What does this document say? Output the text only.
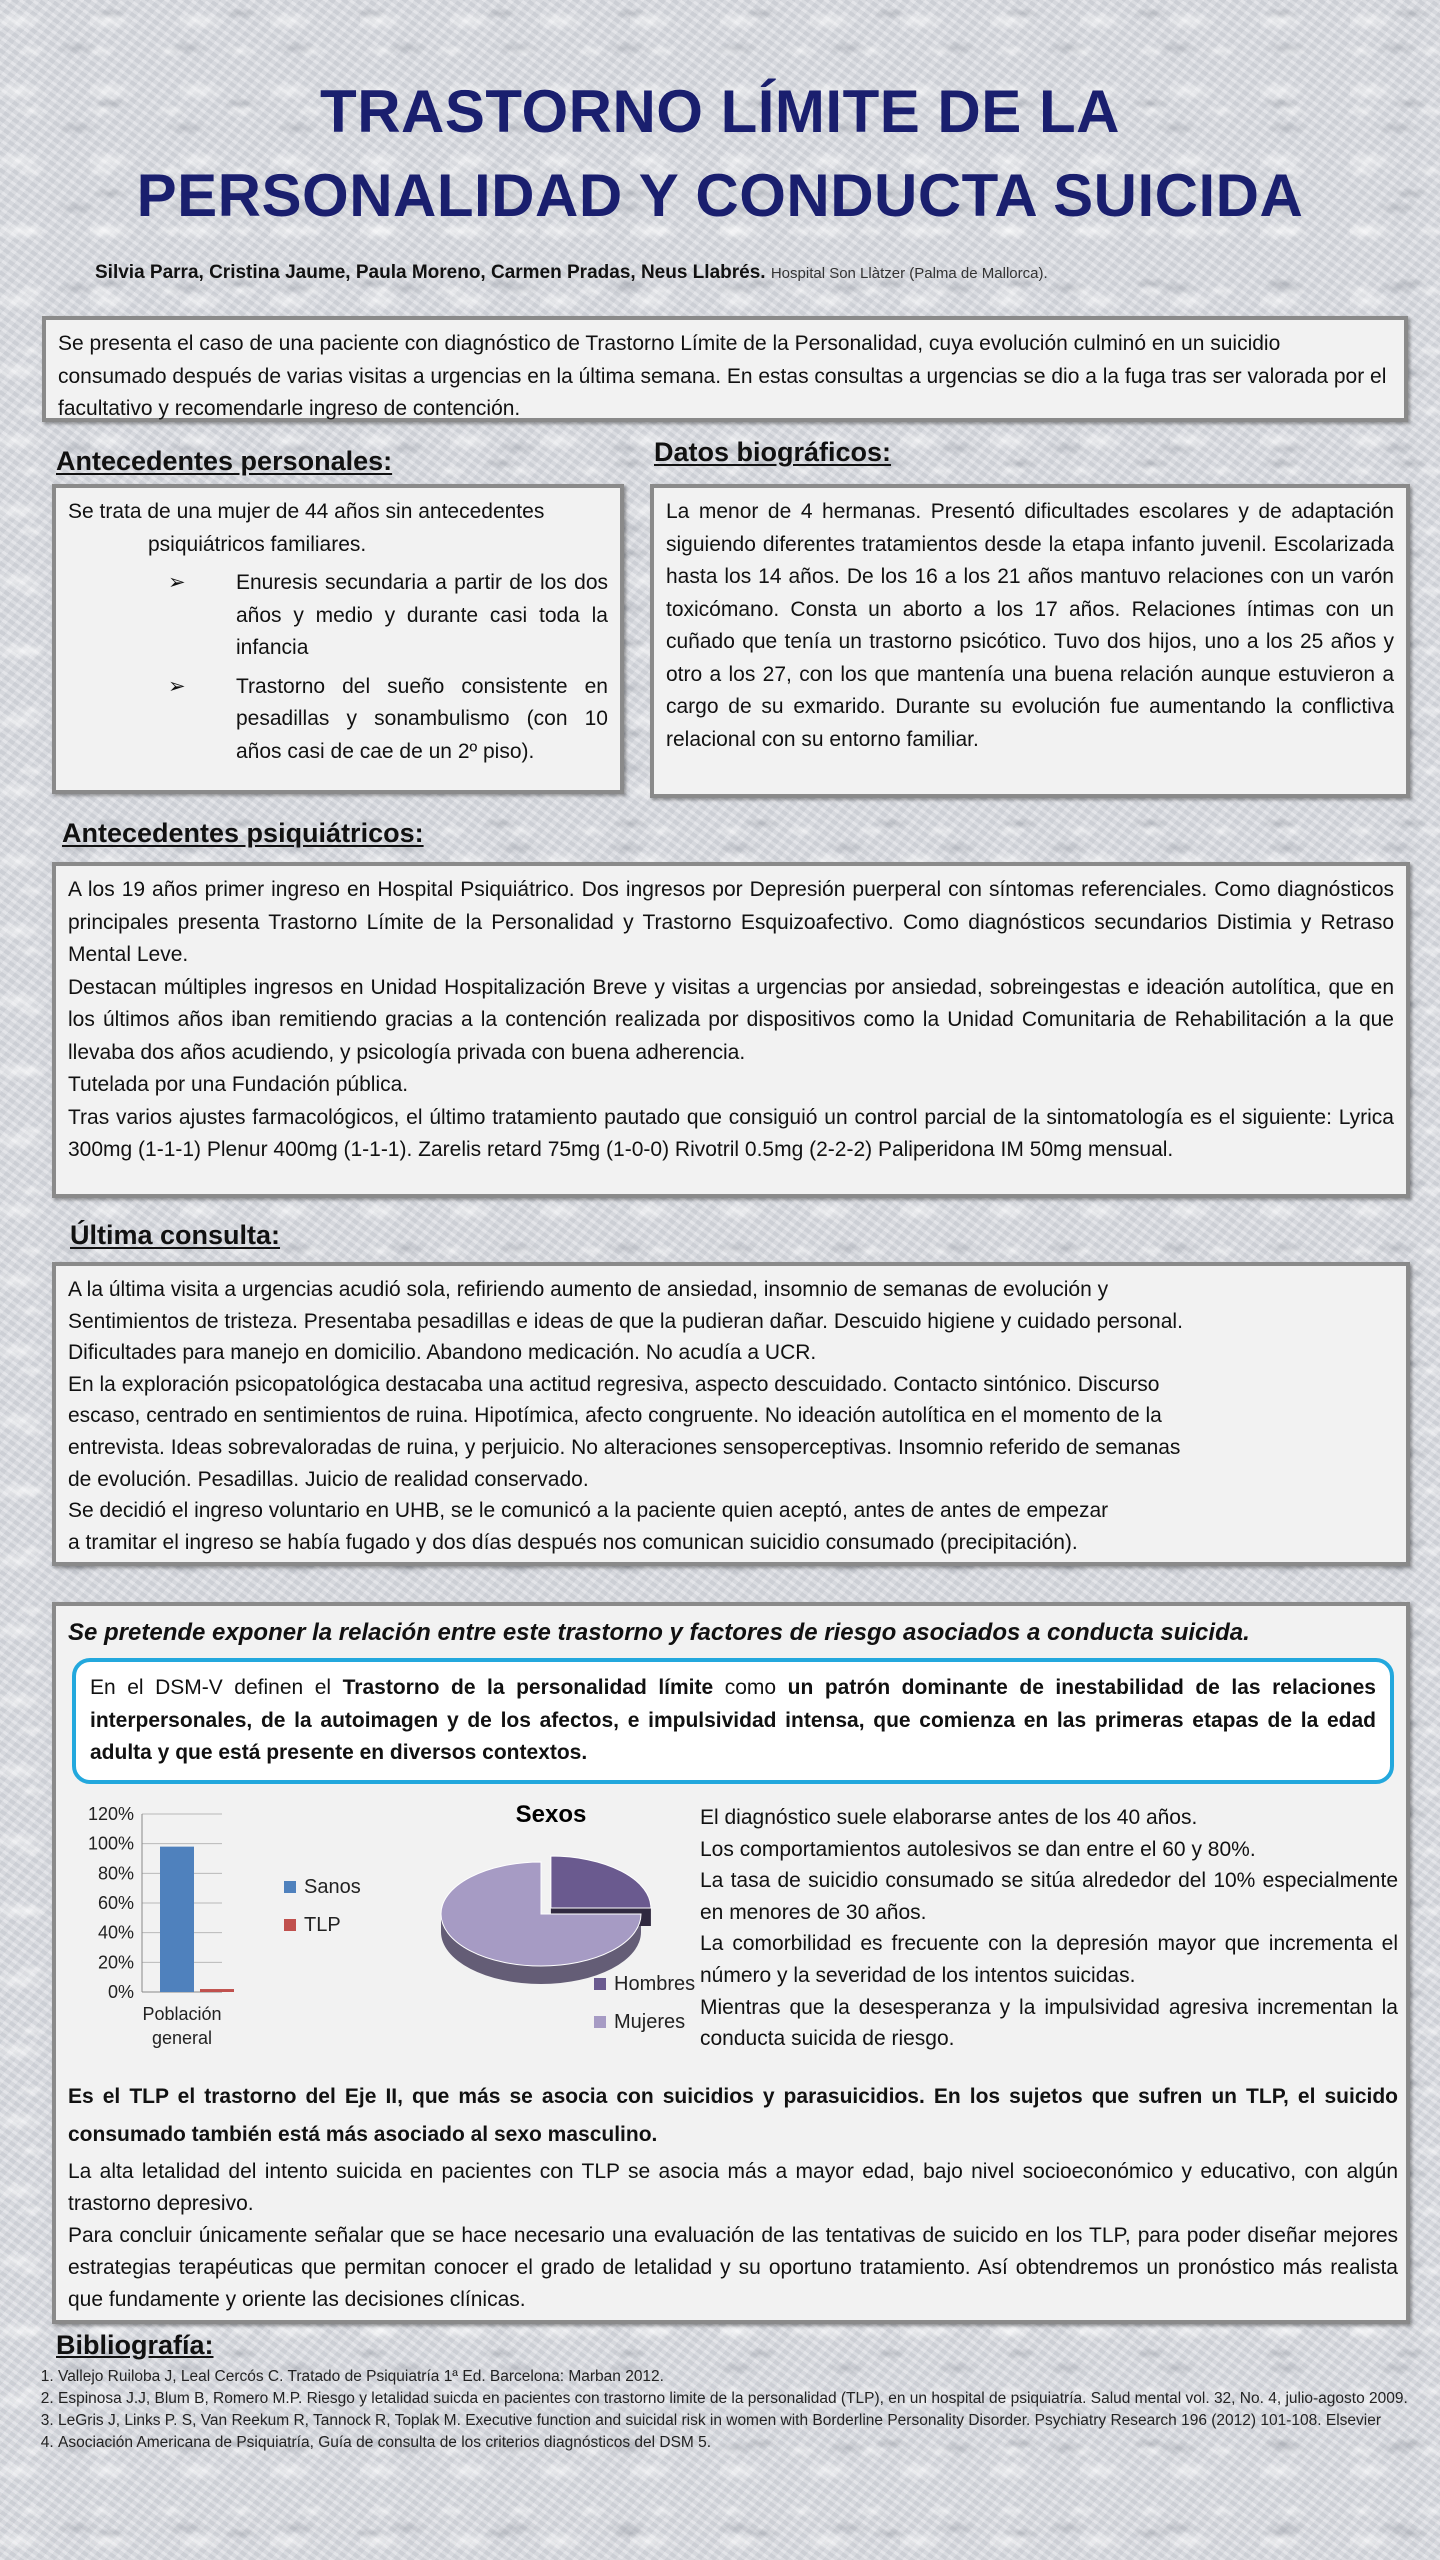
TRASTORNO LÍMITE DE LA
PERSONALIDAD Y CONDUCTA SUICIDA
Silvia Parra, Cristina Jaume, Paula Moreno, Carmen Pradas, Neus Llabrés. Hospital Son Llàtzer (Palma de Mallorca).

Se presenta el caso de una paciente con diagnóstico de Trastorno Límite de la Personalidad, cuya evolución culminó en un suicidio consumado después de varias visitas a urgencias en la última semana. En estas consultas a urgencias se dio a la fuga tras ser valorada por el facultativo y recomendarle ingreso de contención.

Antecedentes personales:
Se trata de una mujer de 44 años sin antecedentes
psiquiátricos familiares.
➢ Enuresis secundaria a partir de los dos años y medio y durante casi toda la infancia
➢ Trastorno del sueño consistente en pesadillas y sonambulismo (con 10 años casi de cae de un 2º piso).
Datos biográficos:

La menor de 4 hermanas. Presentó dificultades escolares y de adaptación siguiendo diferentes tratamientos desde la etapa infanto juvenil. Escolarizada hasta los 14 años. De los 16 a los 21 años mantuvo relaciones con un varón toxicómano. Consta un aborto a los 17 años. Relaciones íntimas con un cuñado que tenía un trastorno psicótico. Tuvo dos hijos, uno a los 25 años y otro a los 27, con los que mantenía una buena relación aunque estuvieron a cargo de su exmarido. Durante su evolución fue aumentando la conflictiva relacional con su entorno familiar.

Antecedentes psiquiátricos:

A los 19 años primer ingreso en Hospital Psiquiátrico. Dos ingresos por Depresión puerperal con síntomas referenciales. Como diagnósticos principales presenta Trastorno Límite de la Personalidad y Trastorno Esquizoafectivo. Como diagnósticos secundarios Distimia y Retraso Mental Leve.

Destacan múltiples ingresos en Unidad Hospitalización Breve y visitas a urgencias por ansiedad, sobreingestas e ideación autolítica, que en los últimos años iban remitiendo gracias a la contención realizada por dispositivos como la Unidad Comunitaria de Rehabilitación a la que llevaba dos años acudiendo, y psicología privada con buena adherencia.

Tutelada por una Fundación pública.

Tras varios ajustes farmacológicos, el último tratamiento pautado que consiguió un control parcial de la sintomatología es el siguiente: Lyrica 300mg (1-1-1) Plenur 400mg (1-1-1). Zarelis retard 75mg (1-0-0) Rivotril 0.5mg (2-2-2) Paliperidona IM 50mg mensual.

Última consulta:
A la última visita a urgencias acudió sola, refiriendo aumento de ansiedad, insomnio de semanas de evolución y
Sentimientos de tristeza. Presentaba pesadillas e ideas de que la pudieran dañar. Descuido higiene y cuidado personal.
Dificultades para manejo en domicilio. Abandono medicación. No acudía a UCR.
En la exploración psicopatológica destacaba una actitud regresiva, aspecto descuidado. Contacto sintónico. Discurso
escaso, centrado en sentimientos de ruina. Hipotímica, afecto congruente. No ideación autolítica en el momento de la
entrevista. Ideas sobrevaloradas de ruina, y perjuicio. No alteraciones sensoperceptivas. Insomnio referido de semanas
de evolución. Pesadillas. Juicio de realidad conservado.
Se decidió el ingreso voluntario en UHB, se le comunicó a la paciente quien aceptó, antes de antes de empezar
a tramitar el ingreso se había fugado y dos días después nos comunican suicidio consumado (precipitación).
Se pretende exponer la relación entre este trastorno y factores de riesgo asociados a conducta suicida.
En el DSM-V definen el Trastorno de la personalidad límite como un patrón dominante de inestabilidad de las relaciones interpersonales, de la autoimagen y de los afectos, e impulsividad intensa, que comienza en las primeras etapas de la edad adulta y que está presente en diversos contextos.
0%
20%
40%
60%
80%
100%
120%
Población
general
Sanos
TLP
Sexos
Hombres
Mujeres
El diagnóstico suele elaborarse antes de los 40 años.
Los comportamientos autolesivos se dan entre el 60 y 80%.
La tasa de suicidio consumado se sitúa alrededor del 10% especialmente en menores de 30 años.
La comorbilidad es frecuente con la depresión mayor que incrementa el número y la severidad de los intentos suicidas.
Mientras que la desesperanza y la impulsividad agresiva incrementan la conducta suicida de riesgo.

Es el TLP el trastorno del Eje II, que más se asocia con suicidios y parasuicidios. En los sujetos que sufren un TLP, el suicido consumado también está más asociado al sexo masculino.

La alta letalidad del intento suicida en pacientes con TLP se asocia más a mayor edad, bajo nivel socioeconómico y educativo, con algún trastorno depresivo.

Para concluir únicamente señalar que se hace necesario una evaluación de las tentativas de suicido en los TLP, para poder diseñar mejores estrategias terapéuticas que permitan conocer el grado de letalidad y su oportuno tratamiento. Así obtendremos un pronóstico más realista que fundamente y oriente las decisiones clínicas.

Bibliografía:
1. Vallejo Ruiloba J, Leal Cercós C. Tratado de Psiquiatría 1ª Ed. Barcelona: Marban 2012.
2. Espinosa J.J, Blum B, Romero M.P. Riesgo y letalidad suicda en pacientes con trastorno limite de la personalidad (TLP), en un hospital de psiquiatría. Salud mental vol. 32, No. 4, julio-agosto 2009.
3. LeGris J, Links P. S, Van Reekum R, Tannock R, Toplak M. Executive function and suicidal risk in women with Borderline Personality Disorder. Psychiatry Research 196 (2012) 101-108. Elsevier
4. Asociación Americana de Psiquiatría, Guía de consulta de los criterios diagnósticos del DSM 5.
